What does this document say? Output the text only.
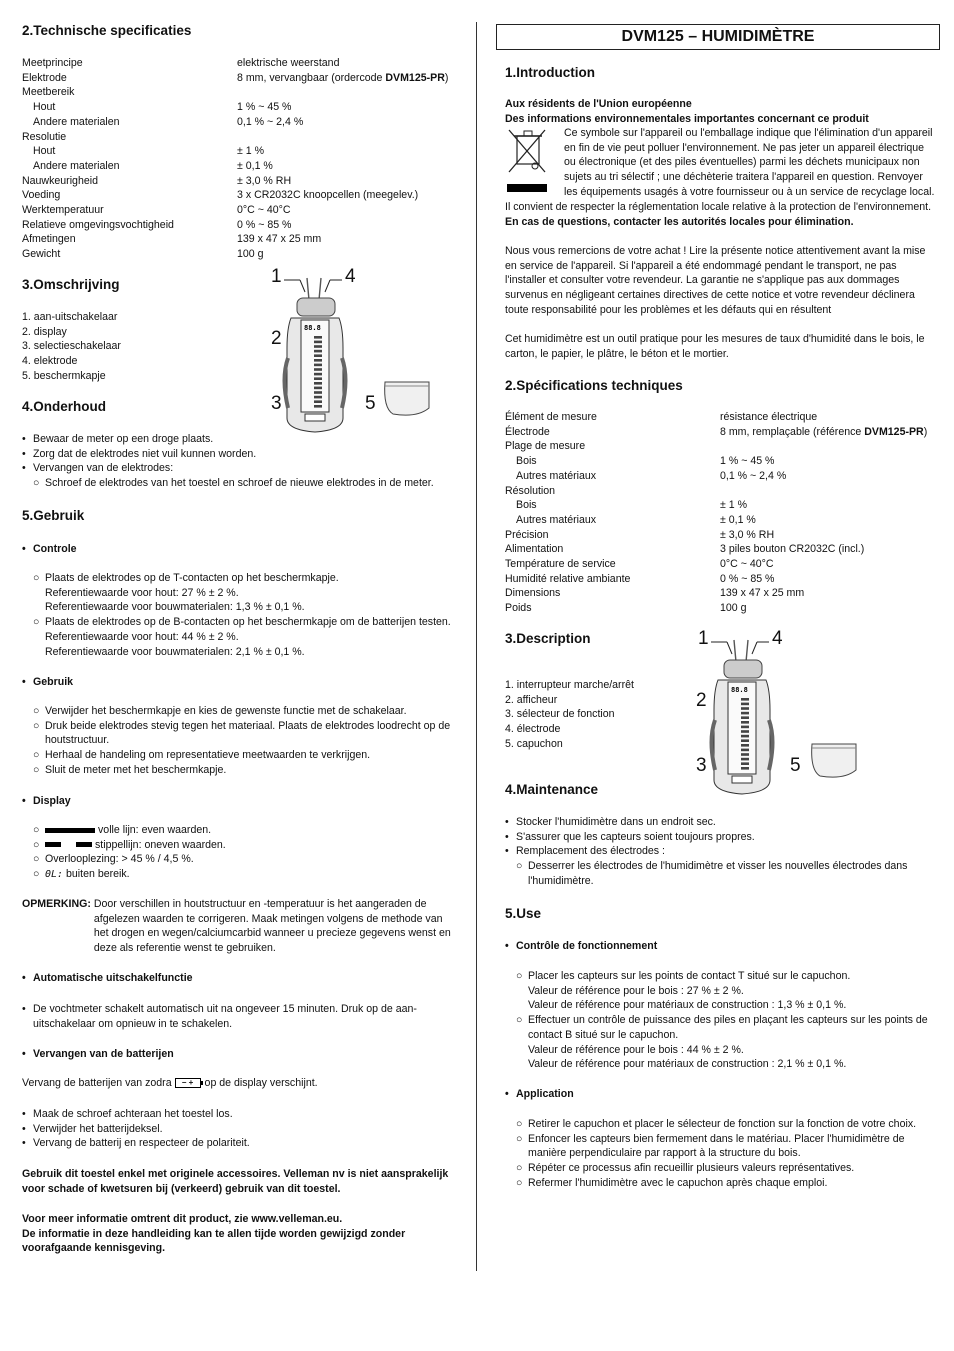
2.Technische specificaties
Meetprincipe	elektrische weerstand
Elektrode	8 mm, vervangbaar (ordercode DVM125-PR)
Meetbereik	
Hout	1 % ~ 45 %
Andere materialen	0,1 % ~ 2,4 %
Resolutie	
Hout	± 1 %
Andere materialen	± 0,1 %
Nauwkeurigheid	± 3,0 % RH
Voeding	3 x CR2032C knoopcellen (meegelev.)
Werktemperatuur	0°C ~ 40°C
Relatieve omgevingsvochtigheid	0 % ~ 85 %
Afmetingen	139 x 47 x 25 mm
Gewicht	100 g
3.Omschrijving
1. aan-uitschakelaar
2. display
3. selectieschakelaar
4. elektrode
5. beschermkapje
4.Onderhoud
• Bewaar de meter op een droge plaats.
• Zorg dat de elektrodes niet vuil kunnen worden.
• Vervangen van de elektrodes:
○ Schroef de elektrodes van het toestel en schroef de nieuwe elektrodes in de meter.
5.Gebruik
• Controle
○ Plaats de elektrodes op de T-contacten op het beschermkapje.
Referentiewaarde voor hout: 27 % ± 2 %.
Referentiewaarde voor bouwmaterialen: 1,3 % ± 0,1 %.
○ Plaats de elektrodes op de B-contacten op het beschermkapje om de batterijen testen.
Referentiewaarde voor hout: 44 % ± 2 %.
Referentiewaarde voor bouwmaterialen: 2,1 % ± 0,1 %.
• Gebruik
○ Verwijder het beschermkapje en kies de gewenste functie met de schakelaar.
○ Druk beide elektrodes stevig tegen het materiaal. Plaats de elektrodes loodrecht op de houtstructuur.
○ Herhaal de handeling om representatieve meetwaarden te verkrijgen.
○ Sluit de meter met het beschermkapje.
• Display
○ volle lijn: even waarden.
○ stippellijn: oneven waarden.
○ Overlooplezing: > 45 % / 4,5 %.
○ 0L: buiten bereik.
OPMERKING: Door verschillen in houtstructuur en -temperatuur is het aangeraden de afgelezen waarden te corrigeren. Maak metingen volgens de methode van het drogen en wegen/calciumcarbid wanneer u precieze gegevens wenst en deze als referentie wenst te gebruiken.
• Automatische uitschakelfunctie
• De vochtmeter schakelt automatisch uit na ongeveer 15 minuten. Druk op de aan-uitschakelaar om opnieuw in te schakelen.
• Vervangen van de batterijen
Vervang de batterijen van zodra − + op de display verschijnt.
• Maak de schroef achteraan het toestel los.
• Verwijder het batterijdeksel.
• Vervang de batterij en respecteer de polariteit.
Gebruik dit toestel enkel met originele accessoires. Velleman nv is niet aansprakelijk voor schade of kwetsuren bij (verkeerd) gebruik van dit toestel.
Voor meer informatie omtrent dit product, zie www.velleman.eu.
De informatie in deze handleiding kan te allen tijde worden gewijzigd zonder voorafgaande kennisgeving.
1	4
2
3	5
88.8
DVM125 – HUMIDIMÈTRE
1.Introduction
Aux résidents de l'Union européenne
Des informations environnementales importantes concernant ce produit
Ce symbole sur l'appareil ou l'emballage indique que l'élimination d'un appareil en fin de vie peut polluer l'environnement. Ne pas jeter un appareil électrique ou électronique (et des piles éventuelles) parmi les déchets municipaux non sujets au tri sélectif ; une déchèterie traitera l'appareil en question. Renvoyer les équipements usagés à votre fournisseur ou à un service de recyclage local.
Il convient de respecter la réglementation locale relative à la protection de l'environnement.
En cas de questions, contacter les autorités locales pour élimination.
Nous vous remercions de votre achat ! Lire la présente notice attentivement avant la mise en service de l'appareil. Si l'appareil a été endommagé pendant le transport, ne pas l'installer et consulter votre revendeur. La garantie ne s'applique pas aux dommages survenus en négligeant certaines directives de cette notice et votre revendeur déclinera toute responsabilité pour les problèmes et les défauts qui en résultent
Cet humidimètre est un outil pratique pour les mesures de taux d'humidité dans le bois, le carton, le papier, le plâtre, le béton et le mortier.
2.Spécifications techniques
Élément de mesure	résistance électrique
Électrode	8 mm, remplaçable (référence DVM125-PR)
Plage de mesure	
Bois	1 % ~ 45 %
Autres matériaux	0,1 % ~ 2,4 %
Résolution	
Bois	± 1 %
Autres matériaux	± 0,1 %
Précision	± 3,0 % RH
Alimentation	3 piles bouton CR2032C (incl.)
Température de service	0°C ~ 40°C
Humidité relative ambiante	0 % ~ 85 %
Dimensions	139 x 47 x 25 mm
Poids	100 g
3.Description
1. interrupteur marche/arrêt
2. afficheur
3. sélecteur de fonction
4. électrode
5. capuchon
4.Maintenance
• Stocker l'humidimètre dans un endroit sec.
• S'assurer que les capteurs soient toujours propres.
• Remplacement des électrodes :
○ Desserrer les électrodes de l'humidimètre et visser les nouvelles électrodes dans l'humidimètre.
5.Use
• Contrôle de fonctionnement
○ Placer les capteurs sur les points de contact T situé sur le capuchon.
Valeur de référence pour le bois : 27 % ± 2 %.
Valeur de référence pour matériaux de construction : 1,3 % ± 0,1 %.
○ Effectuer un contrôle de puissance des piles en plaçant les capteurs sur les points de contact B situé sur le capuchon.
Valeur de référence pour le bois : 44 % ± 2 %.
Valeur de référence pour matériaux de construction : 2,1 % ± 0,1 %.
• Application
○ Retirer le capuchon et placer le sélecteur de fonction sur la fonction de votre choix.
○ Enfoncer les capteurs bien fermement dans le matériau. Placer l'humidimètre de manière perpendiculaire par rapport à la structure du bois.
○ Répéter ce processus afin recueillir plusieurs valeurs représentatives.
○ Refermer l'humidimètre avec le capuchon après chaque emploi.
1	4
2
3	5
88.8
